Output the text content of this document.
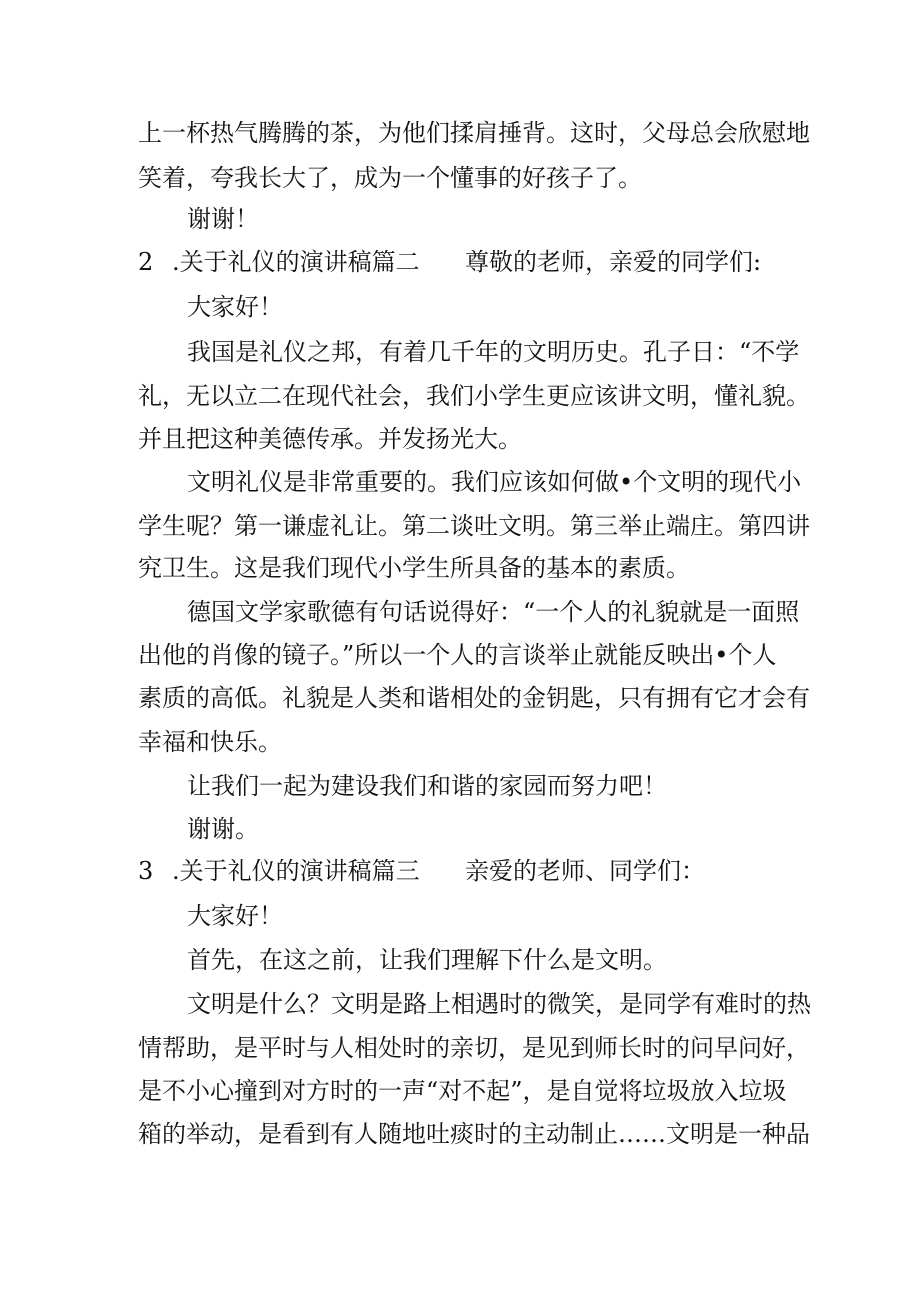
上一杯热气腾腾的茶，为他们揉肩捶背。这时，父母总会欣慰地
笑着，夸我长大了，成为一个懂事的好孩子了。
谢谢！
2 .关于礼仪的演讲稿篇二 尊敬的老师，亲爱的同学们:
大家好！
我国是礼仪之邦，有着几千年的文明历史。孔子日：“不学
礼，无以立二在现代社会，我们小学生更应该讲文明，懂礼貌。
并且把这种美德传承。并发扬光大。
文明礼仪是非常重要的。我们应该如何做•个文明的现代小
学生呢？第一谦虚礼让。第二谈吐文明。第三举止端庄。第四讲
究卫生。这是我们现代小学生所具备的基本的素质。
德国文学家歌德有句话说得好：“一个人的礼貌就是一面照
出他的肖像的镜子。”所以一个人的言谈举止就能反映出•个人
素质的高低。礼貌是人类和谐相处的金钥匙，只有拥有它才会有
幸福和快乐。
让我们一起为建设我们和谐的家园而努力吧！
谢谢。
3 .关于礼仪的演讲稿篇三 亲爱的老师、同学们：
大家好！
首先，在这之前，让我们理解下什么是文明。
文明是什么？文明是路上相遇时的微笑，是同学有难时的热
情帮助，是平时与人相处时的亲切，是见到师长时的问早问好，
是不小心撞到对方时的一声“对不起”，是自觉将垃圾放入垃圾
箱的举动，是看到有人随地吐痰时的主动制止……文明是一种品
